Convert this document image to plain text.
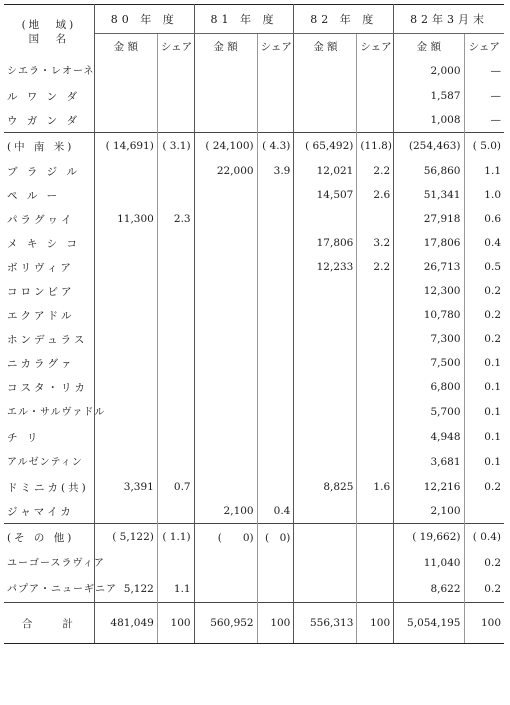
(地　域)
国　名	80 年 度		81 年 度		82 年 度		82年3月末	
	金 額	シェア	金 額	シェア	金 額	シェア	金 額	シェア
シエラ・レオーネ							2,000	—
ル ワ ン ダ							1,587	—
ウ ガ ン ダ							1,008	—
(中 南 米)	( 14,691)	( 3.1)	( 24,100)	( 4.3)	( 65,492)	(11.8)	(254,463)	( 5.0)
ブ ラ ジ ル			22,000	3.9	12,021	2.2	56,860	1.1
ペ ル ー					14,507	2.6	51,341	1.0
パラグヮイ	11,300	2.3					27,918	0.6
メ キ シ コ					17,806	3.2	17,806	0.4
ボリヴィア					12,233	2.2	26,713	0.5
コロンビア							12,300	0.2
エクアドル							10,780	0.2
ホンデュラス							7,300	0.2
ニカラグァ							7,500	0.1
コスタ・リカ							6,800	0.1
エル・サルヴァドル							5,700	0.1
チ リ							4,948	0.1
アルゼンティン							3,681	0.1
ドミニカ(共)	3,391	0.7			8,825	1.6	12,216	0.2
ジャマイカ			2,100	0.4			2,100	
(そ の 他)	( 5,122)	( 1.1)	(　　0)	(　0)			( 19,662)	( 0.4)
ユーゴースラヴィア							11,040	0.2
パプア・ニューギニア	5,122	1.1					8,622	0.2
合　　計	481,049	100	560,952	100	556,313	100	5,054,195	100
